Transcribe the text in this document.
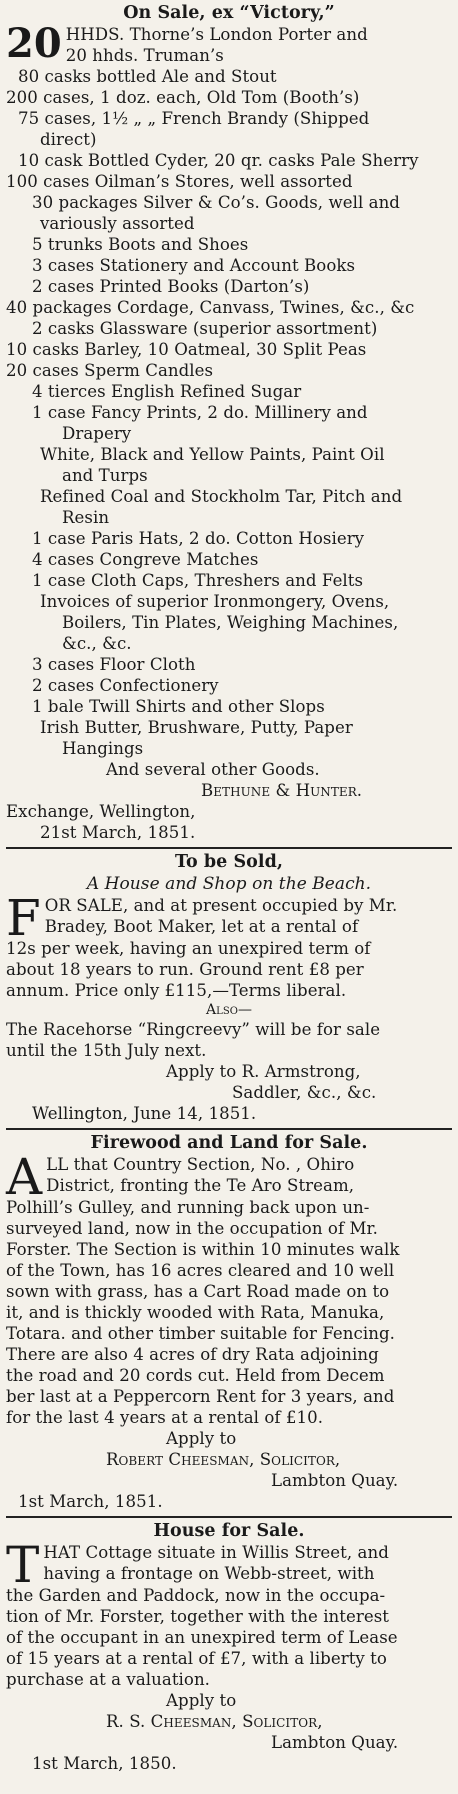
On Sale, ex “Victory,”
20 HHDS. Thorne’s London Porter and
20 hhds. Truman’s
80 casks bottled Ale and Stout
200 cases, 1 doz. each, Old Tom (Booth’s)
75 cases, 1½ „ „ French Brandy (Shipped
direct)
10 cask Bottled Cyder, 20 qr. casks Pale Sherry
100 cases Oilman’s Stores, well assorted
30 packages Silver & Co’s. Goods, well and
variously assorted
5 trunks Boots and Shoes
3 cases Stationery and Account Books
2 cases Printed Books (Darton’s)
40 packages Cordage, Canvass, Twines, &c., &c
2 casks Glassware (superior assortment)
10 casks Barley, 10 Oatmeal, 30 Split Peas
20 cases Sperm Candles
4 tierces English Refined Sugar
1 case Fancy Prints, 2 do. Millinery and
Drapery
White, Black and Yellow Paints, Paint Oil
and Turps
Refined Coal and Stockholm Tar, Pitch and
Resin
1 case Paris Hats, 2 do. Cotton Hosiery
4 cases Congreve Matches
1 case Cloth Caps, Threshers and Felts
Invoices of superior Ironmongery, Ovens,
Boilers, Tin Plates, Weighing Machines,
&c., &c.
3 cases Floor Cloth
2 cases Confectionery
1 bale Twill Shirts and other Slops
Irish Butter, Brushware, Putty, Paper
Hangings
And several other Goods.
Bethune & Hunter.
Exchange, Wellington,
21st March, 1851.
To be Sold,
A House and Shop on the Beach.
F OR SALE, and at present occupied by Mr.
Bradey, Boot Maker, let at a rental of
12s per week, having an unexpired term of
about 18 years to run. Ground rent £8 per
annum. Price only £115,—Terms liberal.
Also—
The Racehorse “Ringcreevy” will be for sale
until the 15th July next.
Apply to R. Armstrong,
Saddler, &c., &c.
Wellington, June 14, 1851.
Firewood and Land for Sale.
A LL that Country Section, No. , Ohiro
District, fronting the Te Aro Stream,
Polhill’s Gulley, and running back upon un-
surveyed land, now in the occupation of Mr.
Forster. The Section is within 10 minutes walk
of the Town, has 16 acres cleared and 10 well
sown with grass, has a Cart Road made on to
it, and is thickly wooded with Rata, Manuka,
Totara. and other timber suitable for Fencing.
There are also 4 acres of dry Rata adjoining
the road and 20 cords cut. Held from Decem
ber last at a Peppercorn Rent for 3 years, and
for the last 4 years at a rental of £10.
Apply to
Robert Cheesman, Solicitor,
Lambton Quay.
1st March, 1851.
House for Sale.
T HAT Cottage situate in Willis Street, and
having a frontage on Webb-street, with
the Garden and Paddock, now in the occupa-
tion of Mr. Forster, together with the interest
of the occupant in an unexpired term of Lease
of 15 years at a rental of £7, with a liberty to
purchase at a valuation.
Apply to
R. S. Cheesman, Solicitor,
Lambton Quay.
1st March, 1850.
